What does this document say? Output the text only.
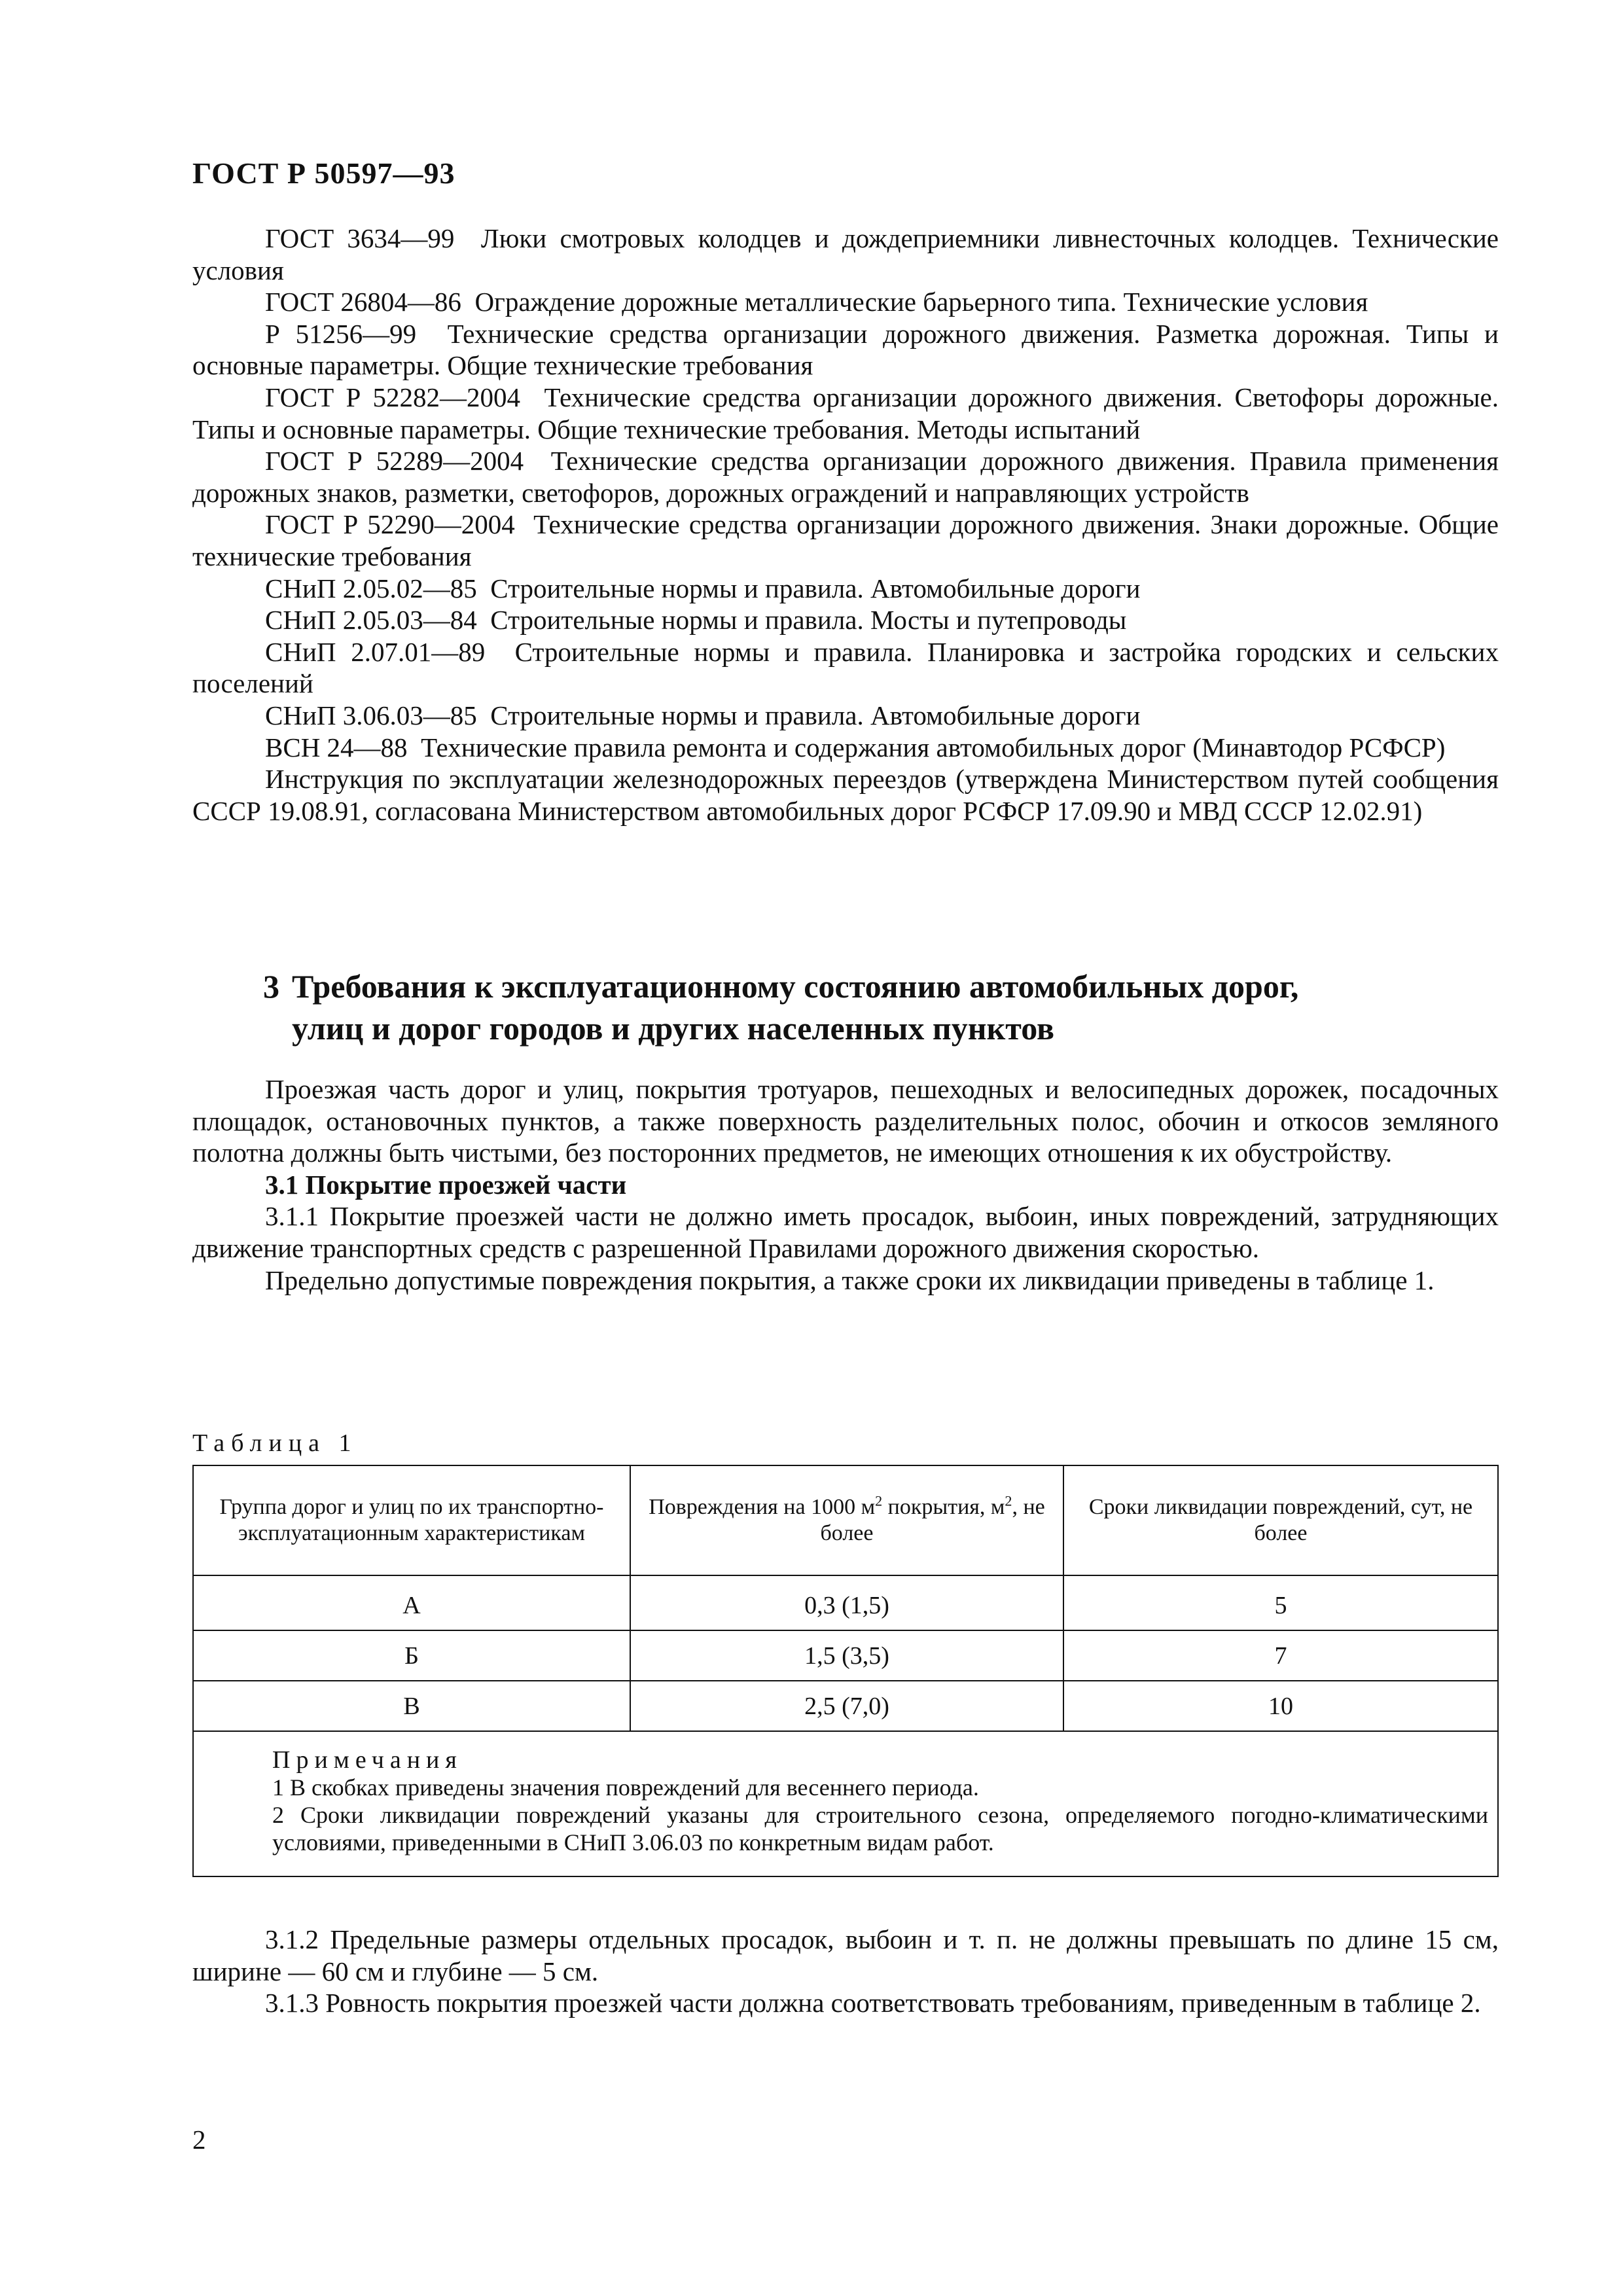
ГОСТ Р 50597—93

ГОСТ 3634—99 Люки смотровых колодцев и дождеприемники ливнесточных колодцев. Технические условия

ГОСТ 26804—86 Ограждение дорожные металлические барьерного типа. Технические условия

Р 51256—99 Технические средства организации дорожного движения. Разметка дорожная. Типы и основные параметры. Общие технические требования

ГОСТ Р 52282—2004 Технические средства организации дорожного движения. Светофоры дорожные. Типы и основные параметры. Общие технические требования. Методы испытаний

ГОСТ Р 52289—2004 Технические средства организации дорожного движения. Правила применения дорожных знаков, разметки, светофоров, дорожных ограждений и направляющих устройств

ГОСТ Р 52290—2004 Технические средства организации дорожного движения. Знаки дорожные. Общие технические требования

СНиП 2.05.02—85 Строительные нормы и правила. Автомобильные дороги

СНиП 2.05.03—84 Строительные нормы и правила. Мосты и путепроводы

СНиП 2.07.01—89 Строительные нормы и правила. Планировка и застройка городских и сельских поселений

СНиП 3.06.03—85 Строительные нормы и правила. Автомобильные дороги

ВСН 24—88 Технические правила ремонта и содержания автомобильных дорог (Минавтодор РСФСР)

Инструкция по эксплуатации железнодорожных переездов (утверждена Министерством путей сообщения СССР 19.08.91, согласована Министерством автомобильных дорог РСФСР 17.09.90 и МВД СССР 12.02.91)

3 Требования к эксплуатационному состоянию автомобильных дорог,
улиц и дорог городов и других населенных пунктов

Проезжая часть дорог и улиц, покрытия тротуаров, пешеходных и велосипедных дорожек, посадочных площадок, остановочных пунктов, а также поверхность разделительных полос, обочин и откосов земляного полотна должны быть чистыми, без посторонних предметов, не имеющих отношения к их обустройству.

3.1 Покрытие проезжей части

3.1.1 Покрытие проезжей части не должно иметь просадок, выбоин, иных повреждений, затрудняющих движение транспортных средств с разрешенной Правилами дорожного движения скоростью.

Предельно допустимые повреждения покрытия, а также сроки их ликвидации приведены в таблице 1.

Таблица 1
Группа дорог и улиц по их транспортно-эксплуатационным характеристикам	Повреждения на 1000 $м^2$ покрытия, $м^2$, не более	Сроки ликвидации повреждений, сут, не более
А	0,3 (1,5)	5
Б	1,5 (3,5)	7
В	2,5 (7,0)	10

Примечания
1 В скобках приведены значения повреждений для весеннего периода.
2 Сроки ликвидации повреждений указаны для строительного сезона, определяемого погодно-климатическими условиями, приведенными в СНиП 3.06.03 по конкретным видам работ.		

3.1.2 Предельные размеры отдельных просадок, выбоин и т. п. не должны превышать по длине 15 см, ширине — 60 см и глубине — 5 см.

3.1.3 Ровность покрытия проезжей части должна соответствовать требованиям, приведенным в таблице 2.

2
